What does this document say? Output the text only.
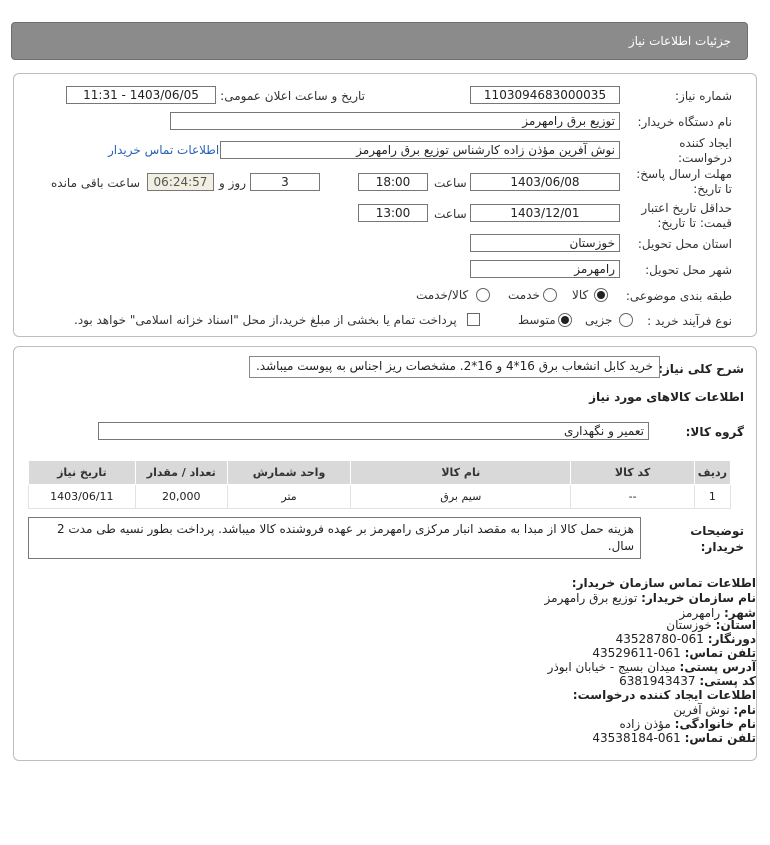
جزئیات اطلاعات نیاز
شماره نیاز:
1103094683000035
تاریخ و ساعت اعلان عمومی:
1403/06/05 - 11:31
نام دستگاه خریدار:
توزیع برق رامهرمز
ایجاد کننده
درخواست:
نوش آفرین مؤذن زاده کارشناس توزیع برق رامهرمز
اطلاعات تماس خریدار
مهلت ارسال پاسخ:
تا تاریخ:
1403/06/08
ساعت
18:00
3
روز و
06:24:57
ساعت باقی مانده
حداقل تاریخ اعتبار
قیمت: تا تاریخ:
1403/12/01
ساعت
13:00
استان محل تحویل:
خوزستان
شهر محل تحویل:
رامهرمز
طبقه بندی موضوعی:
کالا
خدمت
کالا/خدمت
نوع فرآیند خرید :
جزیی
متوسط
پرداخت تمام یا بخشی از مبلغ خرید،از محل "اسناد خزانه اسلامی" خواهد بود.
شرح کلی نیاز:
خرید کابل انشعاب برق 16*4 و 16*2. مشخصات ریز اجناس به پیوست میباشد.
اطلاعات کالاهای مورد نیاز
گروه کالا:
تعمیر و نگهداری
ردیف	کد کالا	نام کالا	واحد شمارش	تعداد / مقدار	تاریخ نیاز
1	--	سیم برق	متر	20,000	1403/06/11
توضیحات
خریدار:
هزینه حمل کالا از مبدا به مقصد انبار مرکزی رامهرمز بر عهده فروشنده کالا میباشد. پرداخت بطور نسیه طی مدت 2 سال.
اطلاعات تماس سازمان خریدار:
نام سازمان خریدار: توزیع برق رامهرمز
شهر: رامهرمز
استان: خوزستان
دورنگار: 061-43528780
تلفن تماس: 061-43529611
آدرس پستی: میدان بسیج - خیابان ابوذر
کد پستی: 6381943437
اطلاعات ایجاد کننده درخواست:
نام: نوش آفرین
نام خانوادگی: مؤذن زاده
تلفن تماس: 061-43538184
